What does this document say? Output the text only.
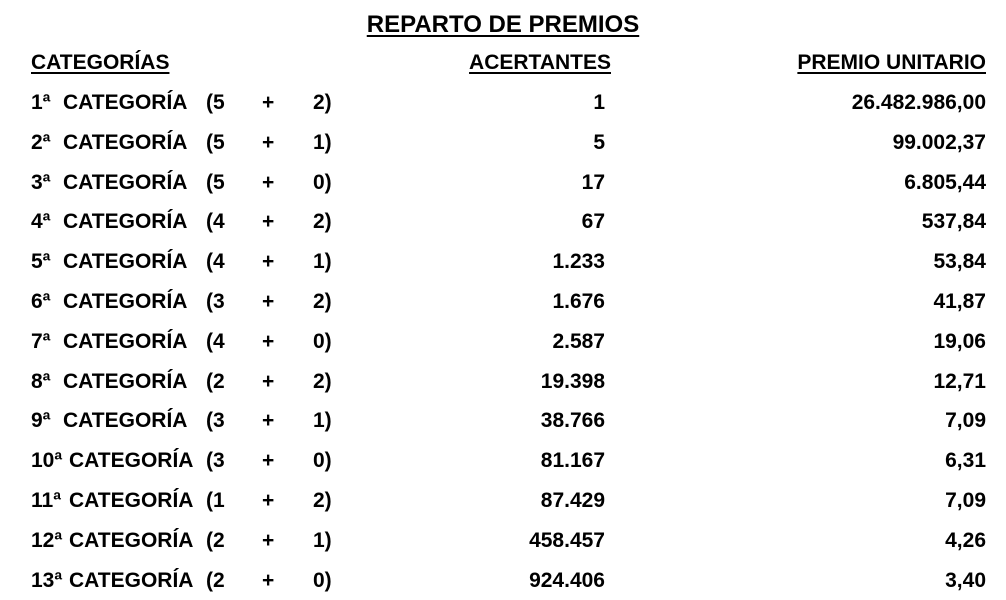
REPARTO DE PREMIOS
CATEGORÍAS	ACERTANTES	PREMIO UNITARIO
1ª CATEGORÍA (5 + 2)	1	26.482.986,00
2ª CATEGORÍA (5 + 1)	5	99.002,37
3ª CATEGORÍA (5 + 0)	17	6.805,44
4ª CATEGORÍA (4 + 2)	67	537,84
5ª CATEGORÍA (4 + 1)	1.233	53,84
6ª CATEGORÍA (3 + 2)	1.676	41,87
7ª CATEGORÍA (4 + 0)	2.587	19,06
8ª CATEGORÍA (2 + 2)	19.398	12,71
9ª CATEGORÍA (3 + 1)	38.766	7,09
10ª CATEGORÍA (3 + 0)	81.167	6,31
11ª CATEGORÍA (1 + 2)	87.429	7,09
12ª CATEGORÍA (2 + 1)	458.457	4,26
13ª CATEGORÍA (2 + 0)	924.406	3,40
